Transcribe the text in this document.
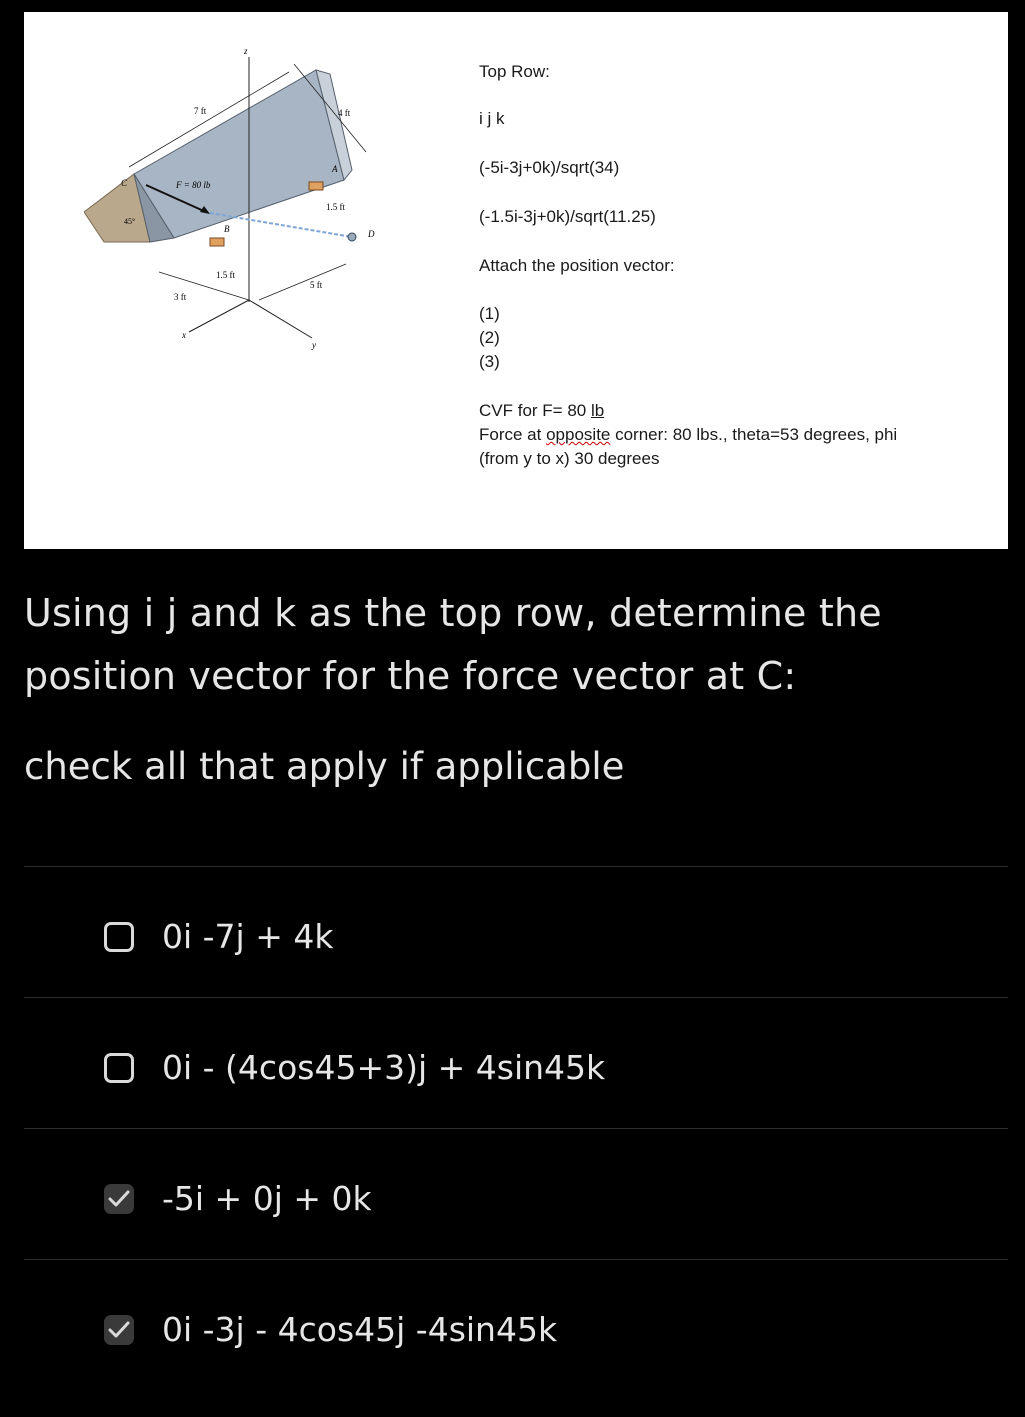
z
x
y
F = 80 lb
7 ft	4 ft
1.5 ft
1.5 ft
5 ft
3 ft
45°
A
B
C
D
Top Row:
i j k
(-5i-3j+0k)/sqrt(34)
(-1.5i-3j+0k)/sqrt(11.25)
Attach the position vector:
(1)
(2)
(3)
CVF for F= 80 lb
Force at opposite corner: 80 lbs., theta=53 degrees, phi
(from y to x) 30 degrees
Using i j and k as the top row, determine the position vector for the force vector at C:
check all that apply if applicable
0i -7j + 4k
0i - (4cos45+3)j + 4sin45k
-5i + 0j + 0k
0i -3j - 4cos45j -4sin45k
